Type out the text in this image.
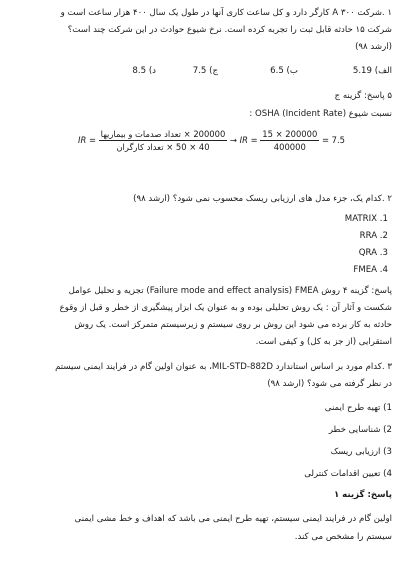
۱ .شرکت A ۳۰۰ کارگر دارد و کل ساعت کاری آنها در طول یک سال ۴۰۰ هزار ساعت است و
شرکت ۱۵ حادثه قابل ثبت را تجربه کرده است. نرخ شیوع حوادث در این شرکت چند است؟
(ارشد ۹۸)
الف) 5.19
ب) 6.5
ج) 7.5
د) 8.5
۵ پاسخ: گزینه ج
نسبت شیوع (OSHA (Incident Rate :
IR = $\frac{\text{200000 × تعداد صدمات و بیماریها}}{\text{40 × 50 × تعداد کارگران}}$ → IR = $\frac{15 \times 200000}{400000} = 7.5$
۲ .کدام یک، جزء مدل های ارزیابی ریسک محسوب نمی شود؟ (ارشد ۹۸)
MATRIX .1
RRA .2
QRA .3
FMEA .4
پاسخ: گزینه ۴ روش Failure mode and effect analysis) FMEA) تجزیه و تحلیل عوامل
شکست و آثار آن : یک روش تحلیلی بوده و به عنوان یک ابزار پیشگیری از خطر و قبل از وقوع
حادثه به کار برده می شود این روش بر روی سیستم و زیرسیستم متمرکز است. یک روش
استقرایی (از جز به کل) و کیفی است.
۳ .کدام مورد بر اساس استاندارد MIL-STD-882D، به عنوان اولین گام در فرایند ایمنی سیستم
در نظر گرفته می شود؟ (ارشد ۹۸)
1) تهیه طرح ایمنی
2) شناسایی خطر
3) ارزیابی ریسک
4) تعیین اقدامات کنترلی
پاسخ: گزینه ۱
اولین گام در فرایند ایمنی سیستم، تهیه طرح ایمنی می باشد که اهداف و خط مشی ایمنی
سیستم را مشخص می کند.
